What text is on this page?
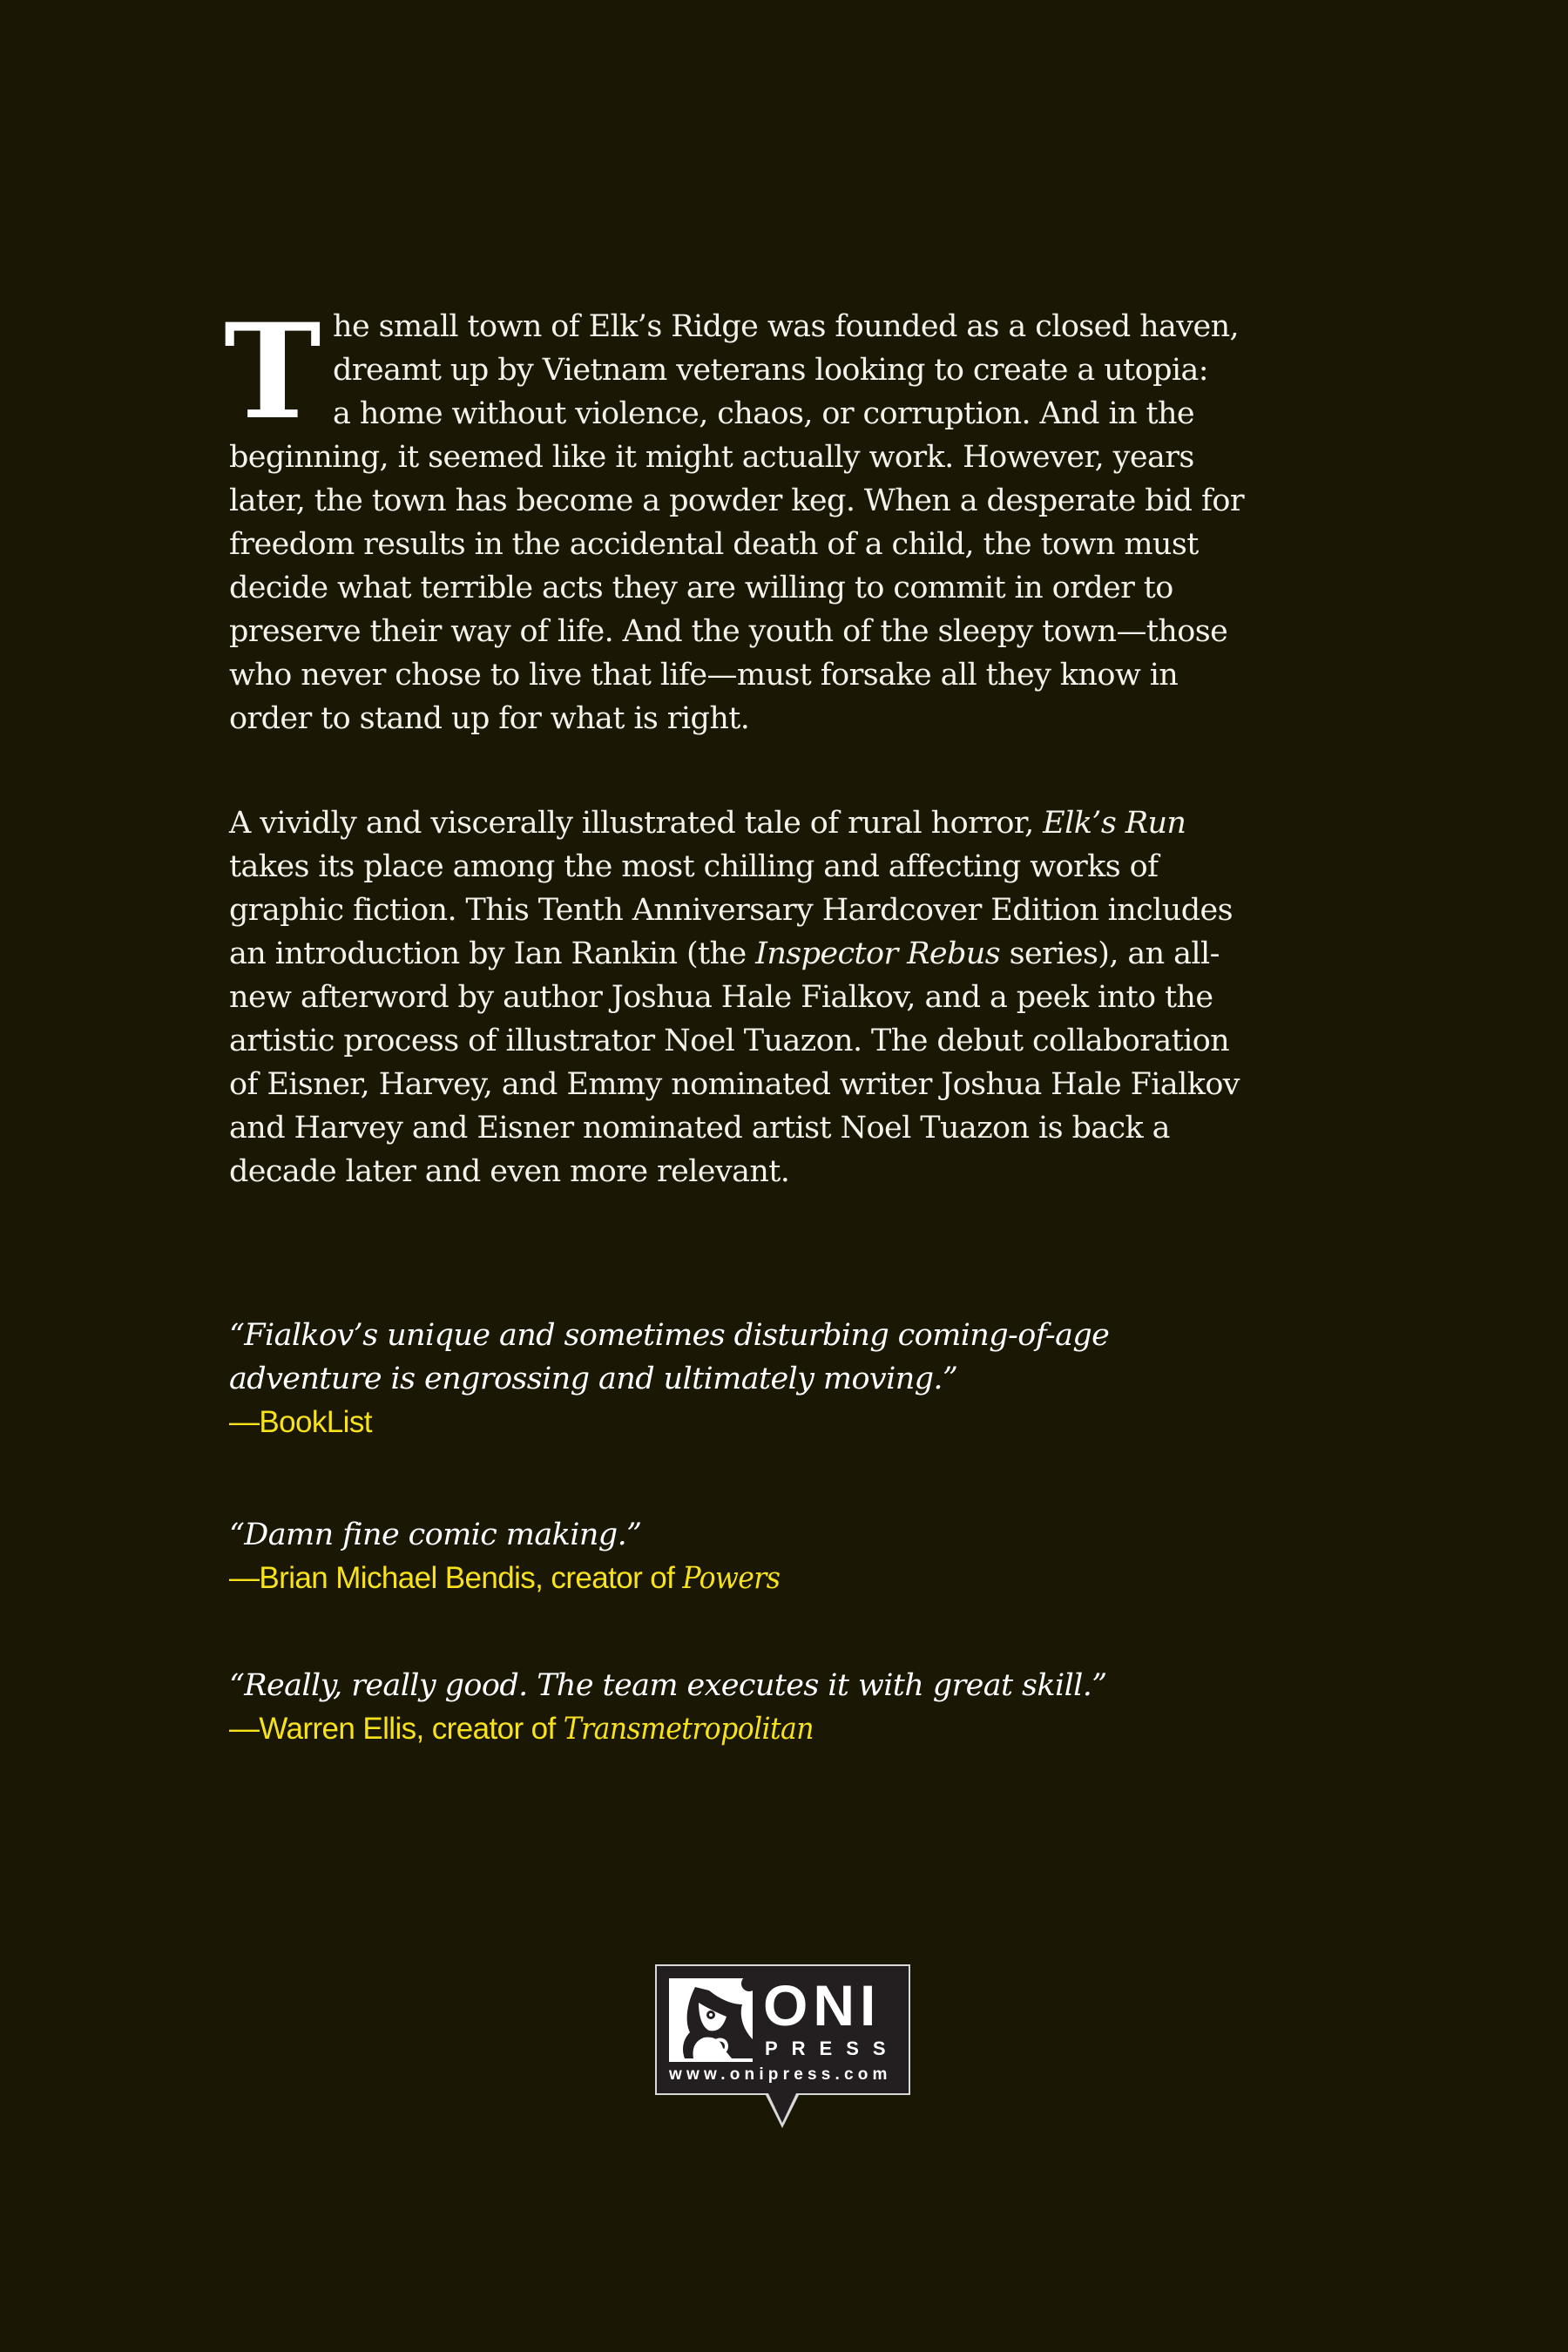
T he small town of Elk’s Ridge was founded as a closed haven,
dreamt up by Vietnam veterans looking to create a utopia:
a home without violence, chaos, or corruption. And in the
beginning, it seemed like it might actually work. However, years
later, the town has become a powder keg. When a desperate bid for
freedom results in the accidental death of a child, the town must
decide what terrible acts they are willing to commit in order to
preserve their way of life. And the youth of the sleepy town—those
who never chose to live that life—must forsake all they know in
order to stand up for what is right.
A vividly and viscerally illustrated tale of rural horror, Elk’s Run
takes its place among the most chilling and affecting works of
graphic fiction. This Tenth Anniversary Hardcover Edition includes
an introduction by Ian Rankin (the Inspector Rebus series), an all-
new afterword by author Joshua Hale Fialkov, and a peek into the
artistic process of illustrator Noel Tuazon. The debut collaboration
of Eisner, Harvey, and Emmy nominated writer Joshua Hale Fialkov
and Harvey and Eisner nominated artist Noel Tuazon is back a
decade later and even more relevant.
“Fialkov’s unique and sometimes disturbing coming-of-age
adventure is engrossing and ultimately moving.”
—BookList
“Damn fine comic making.”
—Brian Michael Bendis, creator of Powers
“Really, really good. The team executes it with great skill.”
—Warren Ellis, creator of Transmetropolitan
ONI
PRESS
www.onipress.com
